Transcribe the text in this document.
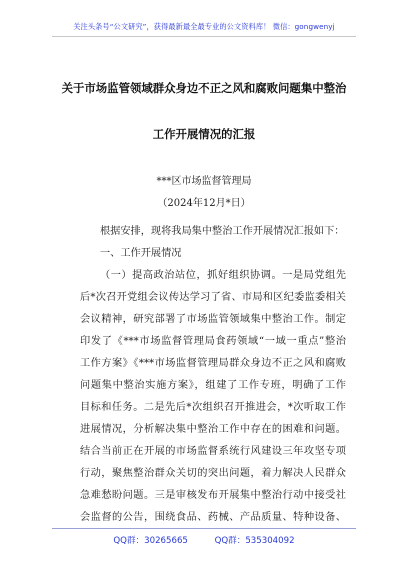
关注头条号“公文研究”，获得最新最全最专业的公文资料库！ 微信：gongwenyj
关于市场监管领域群众身边不正之风和腐败问题集中整治
工作开展情况的汇报
***区市场监督管理局
（2024年12月*日）
根据安排，现将我局集中整治工作开展情况汇报如下：
一、工作开展情况
（一）提高政治站位，抓好组织协调。一是局党组先
后*次召开党组会议传达学习了省、市局和区纪委监委相关
会议精神，研究部署了市场监管领域集中整治工作。制定
印发了《***市场监督管理局食药领域“一域一重点”整治
工作方案》《***市场监督管理局群众身边不正之风和腐败
问题集中整治实施方案》，组建了工作专班，明确了工作
目标和任务。二是先后*次组织召开推进会，*次听取工作
进展情况，分析解决集中整治工作中存在的困难和问题。
结合当前正在开展的市场监督系统行风建设三年攻坚专项
行动，聚焦整治群众关切的突出问题，着力解决人民群众
急难愁盼问题。三是审核发布开展集中整治行动中接受社
会监督的公告，围绕食品、药械、产品质量、特种设备、
QQ群：30265665	QQ群：535304092
